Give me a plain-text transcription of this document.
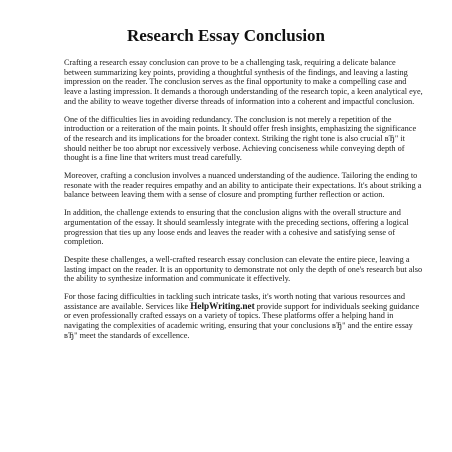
Research Essay Conclusion

Crafting a research essay conclusion can prove to be a challenging task, requiring a delicate balance between summarizing key points, providing a thoughtful synthesis of the findings, and leaving a lasting impression on the reader. The conclusion serves as the final opportunity to make a compelling case and leave a lasting impression. It demands a thorough understanding of the research topic, a keen analytical eye, and the ability to weave together diverse threads of information into a coherent and impactful conclusion.

One of the difficulties lies in avoiding redundancy. The conclusion is not merely a repetition of the introduction or a reiteration of the main points. It should offer fresh insights, emphasizing the significance of the research and its implications for the broader context. Striking the right tone is also crucial вЂ" it should neither be too abrupt nor excessively verbose. Achieving conciseness while conveying depth of thought is a fine line that writers must tread carefully.

Moreover, crafting a conclusion involves a nuanced understanding of the audience. Tailoring the ending to resonate with the reader requires empathy and an ability to anticipate their expectations. It's about striking a balance between leaving them with a sense of closure and prompting further reflection or action.

In addition, the challenge extends to ensuring that the conclusion aligns with the overall structure and argumentation of the essay. It should seamlessly integrate with the preceding sections, offering a logical progression that ties up any loose ends and leaves the reader with a cohesive and satisfying sense of completion.

Despite these challenges, a well-crafted research essay conclusion can elevate the entire piece, leaving a lasting impact on the reader. It is an opportunity to demonstrate not only the depth of one's research but also the ability to synthesize information and communicate it effectively.

For those facing difficulties in tackling such intricate tasks, it's worth noting that various resources and assistance are available. Services like HelpWriting.net provide support for individuals seeking guidance or even professionally crafted essays on a variety of topics. These platforms offer a helping hand in navigating the complexities of academic writing, ensuring that your conclusions вЂ" and the entire essay вЂ" meet the standards of excellence.
